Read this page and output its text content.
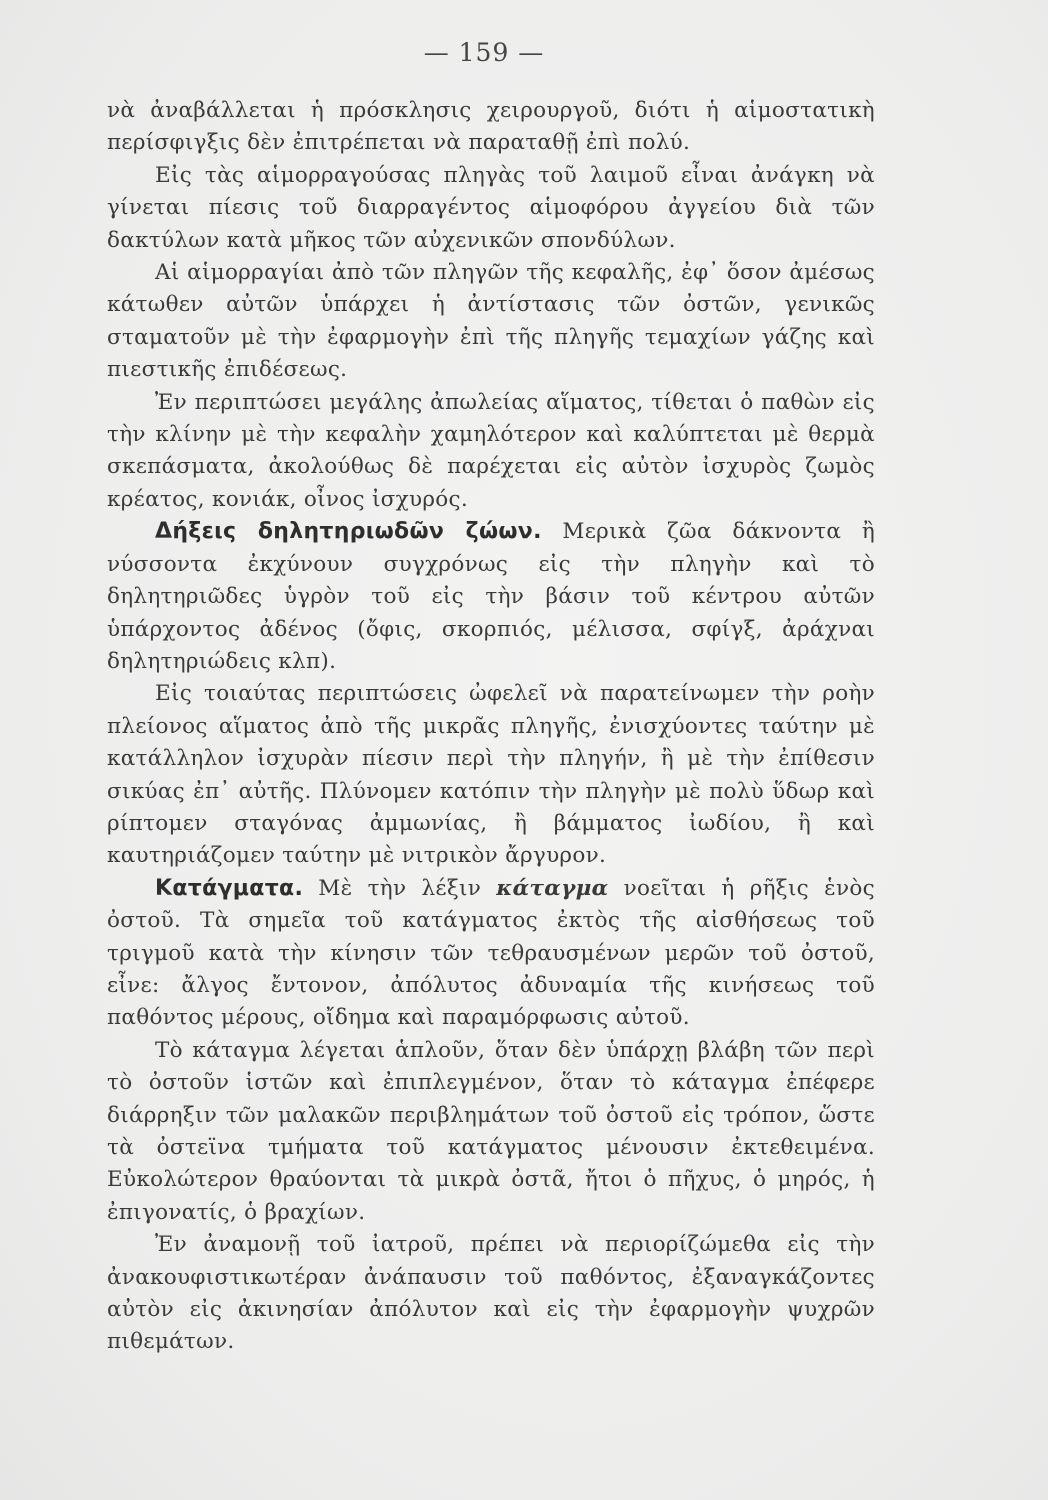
— 159 —

νὰ ἀναβάλλεται ἡ πρόσκλησις χειρουργοῦ, διότι ἡ αἱμοστατικὴ περίσφιγξις δὲν ἐπιτρέπεται νὰ παραταθῇ ἐπὶ πολύ.

Εἰς τὰς αἱμορραγούσας πληγὰς τοῦ λαιμοῦ εἶναι ἀνάγκη νὰ γίνεται πίεσις τοῦ διαρραγέντος αἱμοφόρου ἀγγείου διὰ τῶν δακτύλων κατὰ μῆκος τῶν αὐχενικῶν σπονδύλων.

Αἱ αἱμορραγίαι ἀπὸ τῶν πληγῶν τῆς κεφαλῆς, ἐφ᾽ ὅσον ἀμέσως κάτωθεν αὐτῶν ὑπάρχει ἡ ἀντίστασις τῶν ὀστῶν, γενικῶς σταματοῦν μὲ τὴν ἐφαρμογὴν ἐπὶ τῆς πληγῆς τεμαχίων γάζης καὶ πιεστικῆς ἐπιδέσεως.

Ἐν περιπτώσει μεγάλης ἀπωλείας αἵματος, τίθεται ὁ παθὼν εἰς τὴν κλίνην μὲ τὴν κεφαλὴν χαμηλότερον καὶ καλύπτεται μὲ θερμὰ σκεπάσματα, ἀκολούθως δὲ παρέχεται εἰς αὐτὸν ἰσχυρὸς ζωμὸς κρέατος, κονιάκ, οἶνος ἰσχυρός.

Δήξεις δηλητηριωδῶν ζώων. Μερικὰ ζῶα δάκνοντα ἢ νύσσοντα ἐκχύνουν συγχρόνως εἰς τὴν πληγὴν καὶ τὸ δηλητηριῶδες ὑγρὸν τοῦ εἰς τὴν βάσιν τοῦ κέντρου αὐτῶν ὑπάρχοντος ἀδένος (ὄφις, σκορπιός, μέλισσα, σφίγξ, ἀράχναι δηλητηριώδεις κλπ).

Εἰς τοιαύτας περιπτώσεις ὠφελεῖ νὰ παρατείνωμεν τὴν ροὴν πλείονος αἵματος ἀπὸ τῆς μικρᾶς πληγῆς, ἐνισχύοντες ταύτην μὲ κατάλληλον ἰσχυρὰν πίεσιν περὶ τὴν πληγήν, ἢ μὲ τὴν ἐπίθεσιν σικύας ἐπ᾽ αὐτῆς. Πλύνομεν κατόπιν τὴν πληγὴν μὲ πολὺ ὕδωρ καὶ ρίπτομεν σταγόνας ἀμμωνίας, ἢ βάμματος ἰωδίου, ἢ καὶ καυτηριάζομεν ταύτην μὲ νιτρικὸν ἄργυρον.

Κατάγματα. Μὲ τὴν λέξιν κάταγμα νοεῖται ἡ ρῆξις ἑνὸς ὀστοῦ. Τὰ σημεῖα τοῦ κατάγματος ἐκτὸς τῆς αἰσθήσεως τοῦ τριγμοῦ κατὰ τὴν κίνησιν τῶν τεθραυσμένων μερῶν τοῦ ὀστοῦ, εἶνε: ἄλγος ἔντονον, ἀπόλυτος ἀδυναμία τῆς κινήσεως τοῦ παθόντος μέρους, οἴδημα καὶ παραμόρφωσις αὐτοῦ.

Τὸ κάταγμα λέγεται ἁπλοῦν, ὅταν δὲν ὑπάρχῃ βλάβη τῶν περὶ τὸ ὀστοῦν ἱστῶν καὶ ἐπιπλεγμένον, ὅταν τὸ κάταγμα ἐπέφερε διάρρηξιν τῶν μαλακῶν περιβλημάτων τοῦ ὀστοῦ εἰς τρόπον, ὥστε τὰ ὀστεϊνα τμήματα τοῦ κατάγματος μένουσιν ἐκτεθειμένα. Εὐκολώτερον θραύονται τὰ μικρὰ ὀστᾶ, ἤτοι ὁ πῆχυς, ὁ μηρός, ἡ ἐπιγονατίς, ὁ βραχίων.

Ἐν ἀναμονῇ τοῦ ἰατροῦ, πρέπει νὰ περιορίζώμεθα εἰς τὴν ἀνακουφιστικωτέραν ἀνάπαυσιν τοῦ παθόντος, ἐξαναγκάζοντες αὐτὸν εἰς ἀκινησίαν ἀπόλυτον καὶ εἰς τὴν ἐφαρμογὴν ψυχρῶν πιθεμάτων.
